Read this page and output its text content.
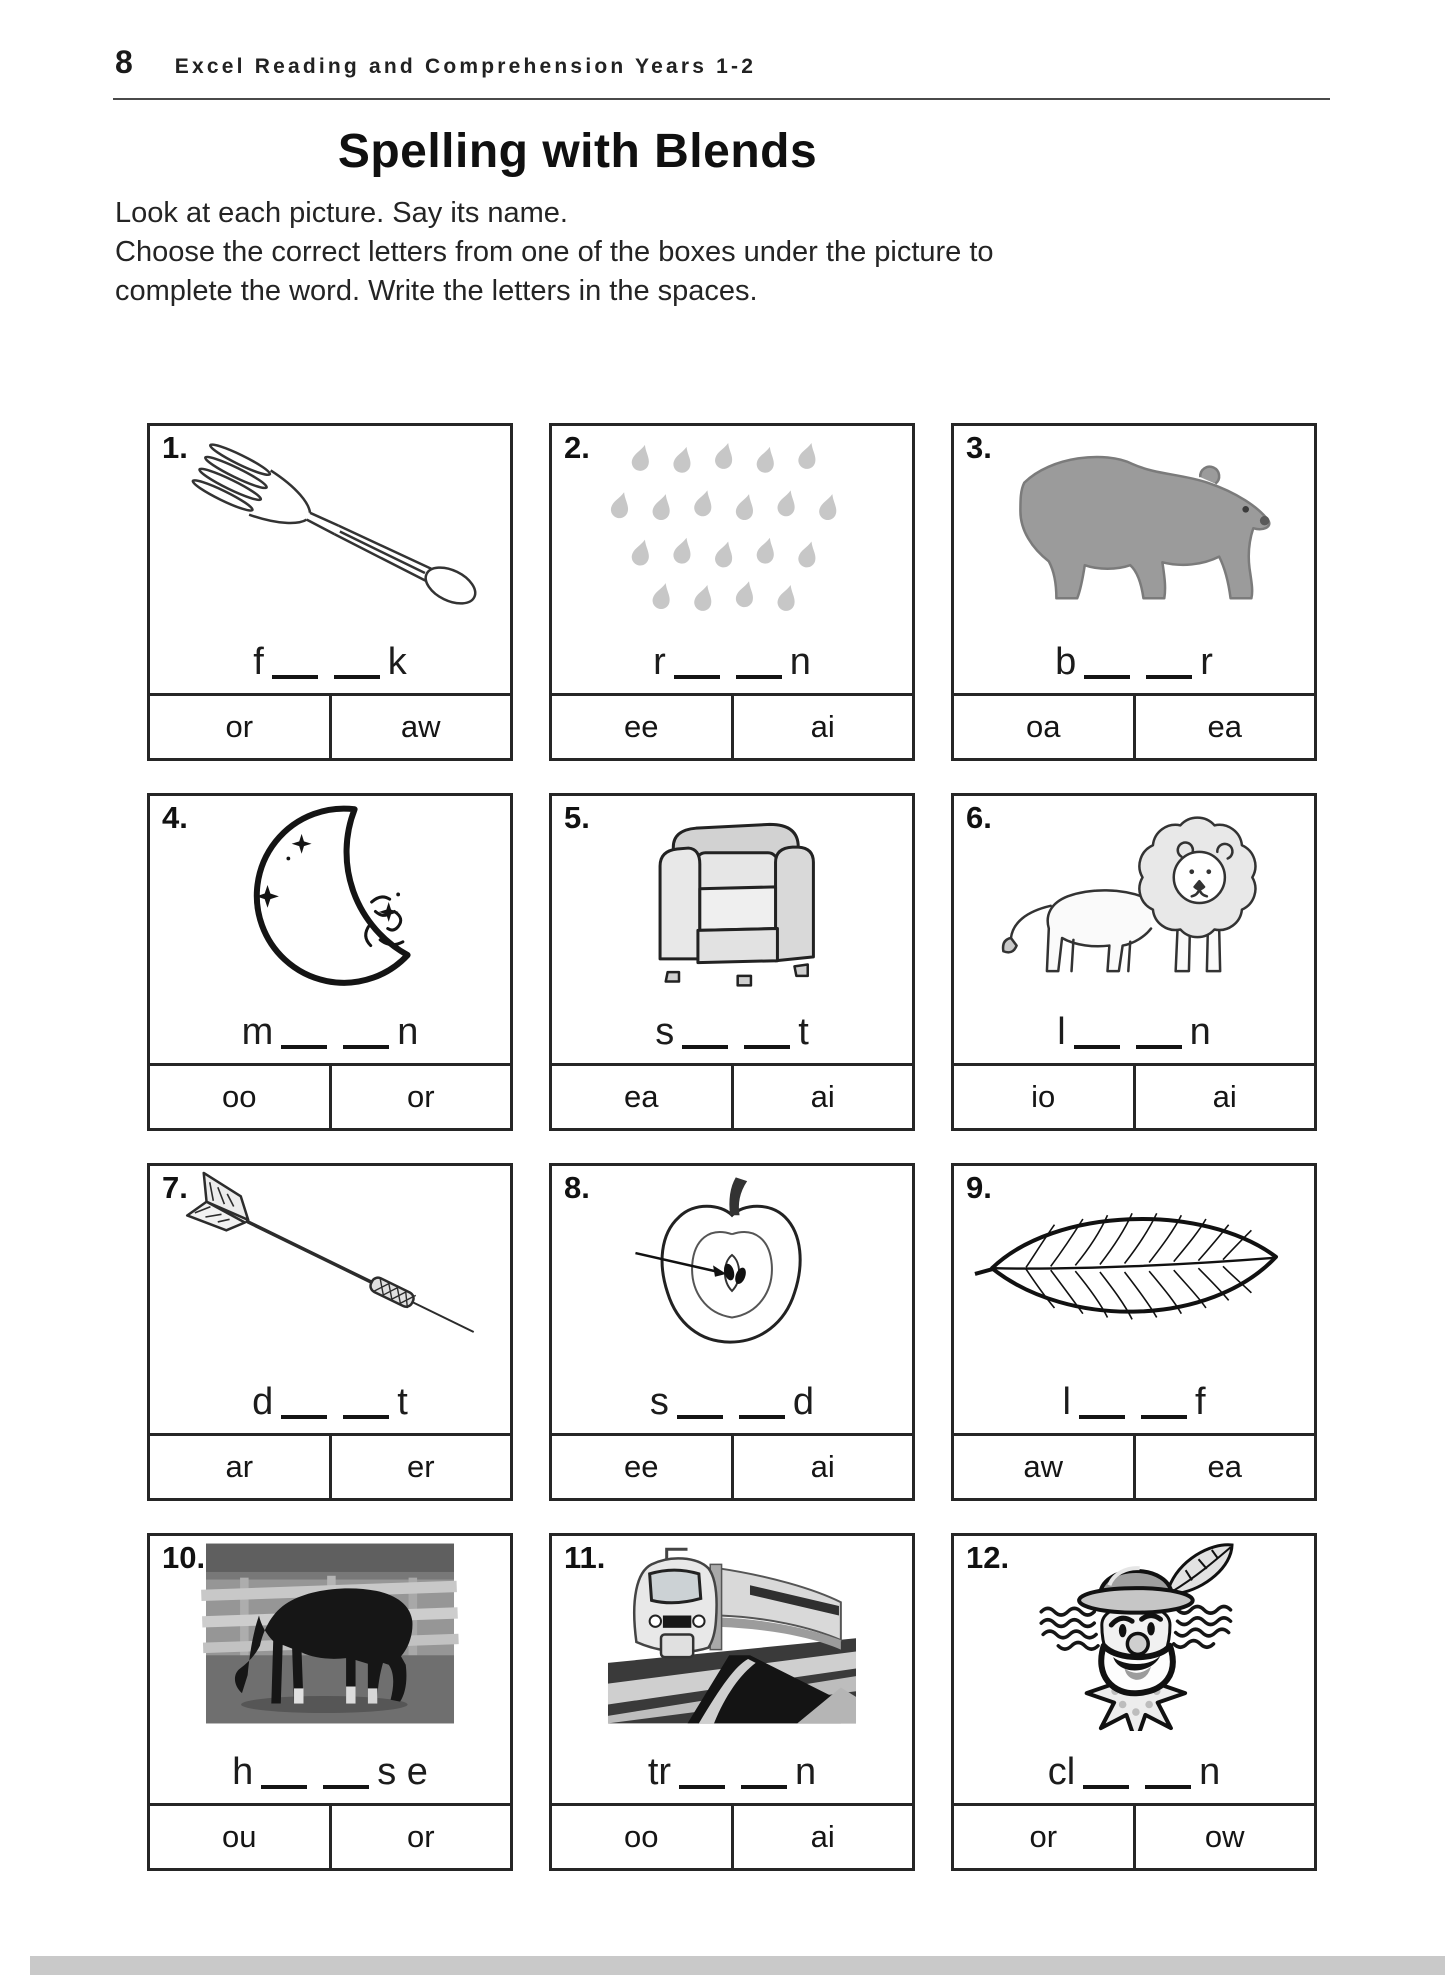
8 Excel Reading and Comprehension Years 1-2
Spelling with Blends
Look at each picture. Say its name.
Choose the correct letters from one of the boxes under the picture to
complete the word. Write the letters in the spaces.
1.
f	k
or	aw
2.
r	n
ee	ai
3.
b	r
oa	ea
4.
m	n
oo	or
5.
s	t
ea	ai
6.
l	n
io	ai
7.
d	t
ar	er
8.
s	d
ee	ai
9.
l	f
aw	ea
10.
h	s e
ou	or
11.
tr	n
oo	ai
12.
cl	n
or	ow
